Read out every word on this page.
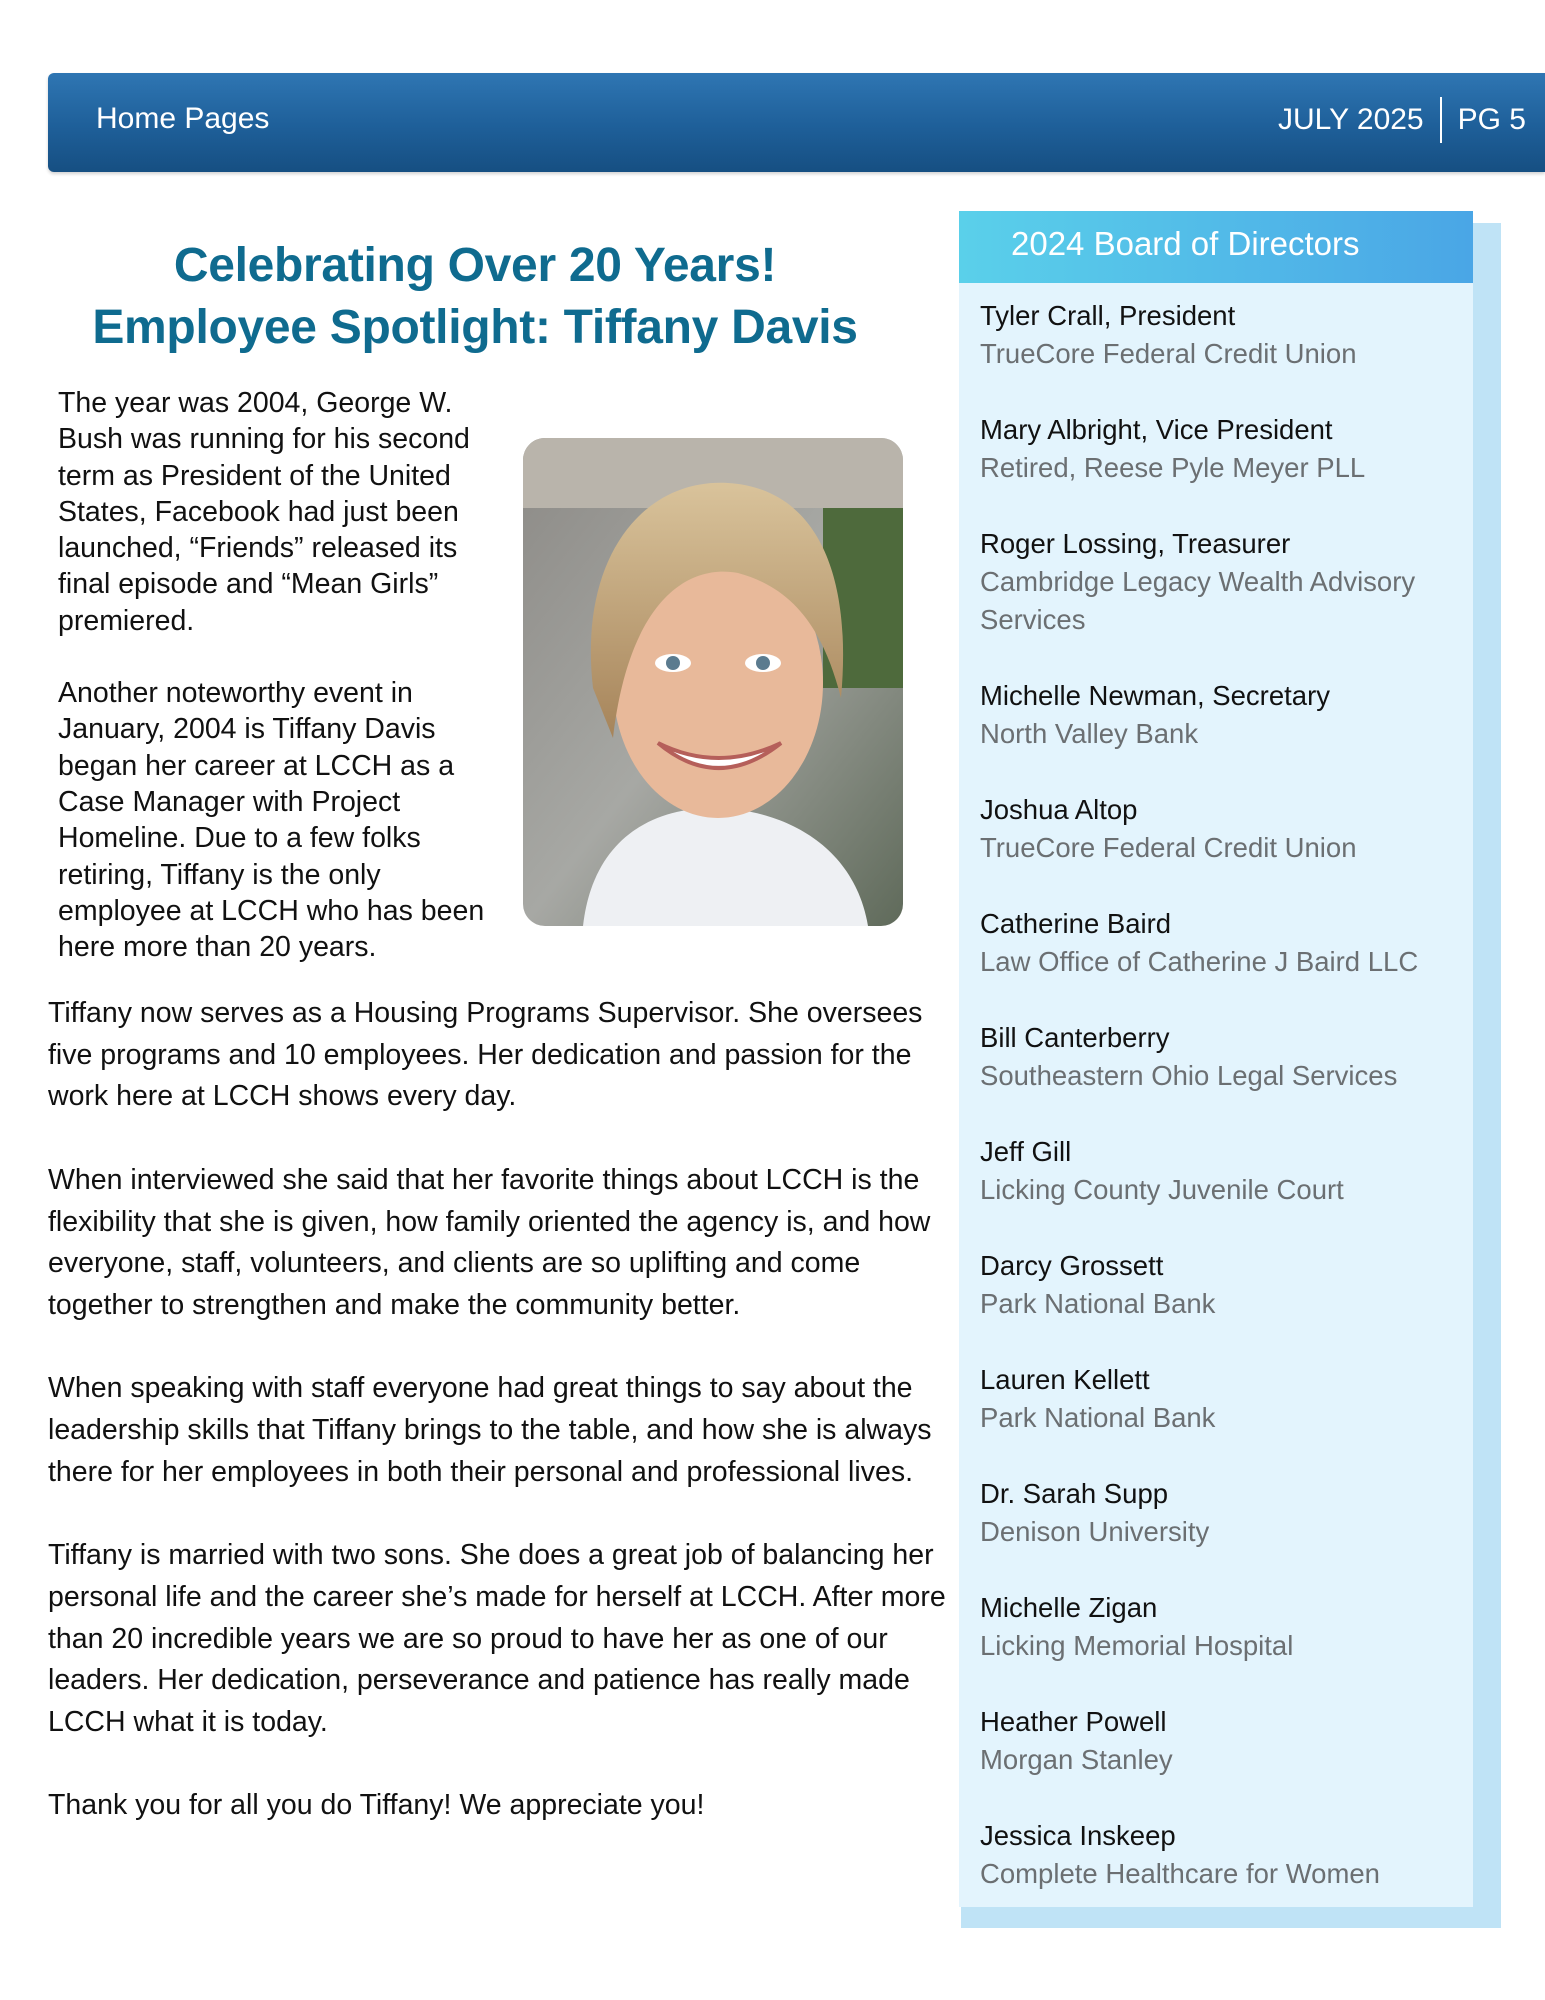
Home Pages	JULY 2025 PG 5
Celebrating Over 20 Years!
Employee Spotlight: Tiffany Davis

The year was 2004, George W. Bush was running for his second term as President of the United States, Facebook had just been launched, “Friends” released its final episode and “Mean Girls” premiered.

Another noteworthy event in January, 2004 is Tiffany Davis began her career at LCCH as a Case Manager with Project Homeline. Due to a few folks retiring, Tiffany is the only employee at LCCH who has been here more than 20 years.

Tiffany now serves as a Housing Programs Supervisor. She oversees five programs and 10 employees. Her dedication and passion for the work here at LCCH shows every day.

When interviewed she said that her favorite things about LCCH is the flexibility that she is given, how family oriented the agency is, and how everyone, staff, volunteers, and clients are so uplifting and come together to strengthen and make the community better.

When speaking with staff everyone had great things to say about the leadership skills that Tiffany brings to the table, and how she is always there for her employees in both their personal and professional lives.

Tiffany is married with two sons. She does a great job of balancing her personal life and the career she’s made for herself at LCCH. After more than 20 incredible years we are so proud to have her as one of our leaders. Her dedication, perseverance and patience has really made LCCH what it is today.

Thank you for all you do Tiffany! We appreciate you!

2024 Board of Directors
Tyler Crall, President
TrueCore Federal Credit Union
Mary Albright, Vice President
Retired, Reese Pyle Meyer PLL
Roger Lossing, Treasurer
Cambridge Legacy Wealth Advisory Services
Michelle Newman, Secretary
North Valley Bank
Joshua Altop
TrueCore Federal Credit Union
Catherine Baird
Law Office of Catherine J Baird LLC
Bill Canterberry
Southeastern Ohio Legal Services
Jeff Gill
Licking County Juvenile Court
Darcy Grossett
Park National Bank
Lauren Kellett
Park National Bank
Dr. Sarah Supp
Denison University
Michelle Zigan
Licking Memorial Hospital
Heather Powell
Morgan Stanley
Jessica Inskeep
Complete Healthcare for Women
